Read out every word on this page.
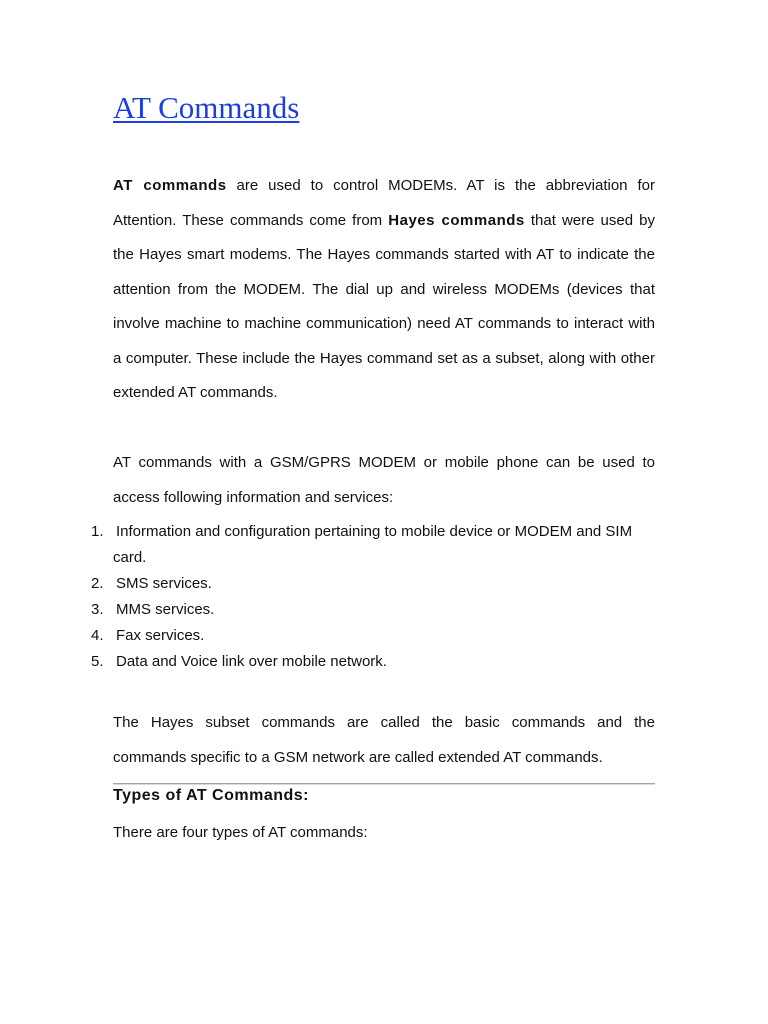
AT Commands
AT commands are used to control MODEMs. AT is the abbreviation for
Attention. These commands come from Hayes commands that were used by
the Hayes smart modems. The Hayes commands started with AT to indicate the
attention from the MODEM. The dial up and wireless MODEMs (devices that
involve machine to machine communication) need AT commands to interact with
a computer. These include the Hayes command set as a subset, along with other
extended AT commands.
AT commands with a GSM/GPRS MODEM or mobile phone can be used to
access following information and services:
1. Information and configuration pertaining to mobile device or MODEM and SIM card.
2. SMS services.
3. MMS services.
4. Fax services.
5. Data and Voice link over mobile network.
The Hayes subset commands are called the basic commands and the
commands specific to a GSM network are called extended AT commands.
Types of AT Commands:
There are four types of AT commands:
